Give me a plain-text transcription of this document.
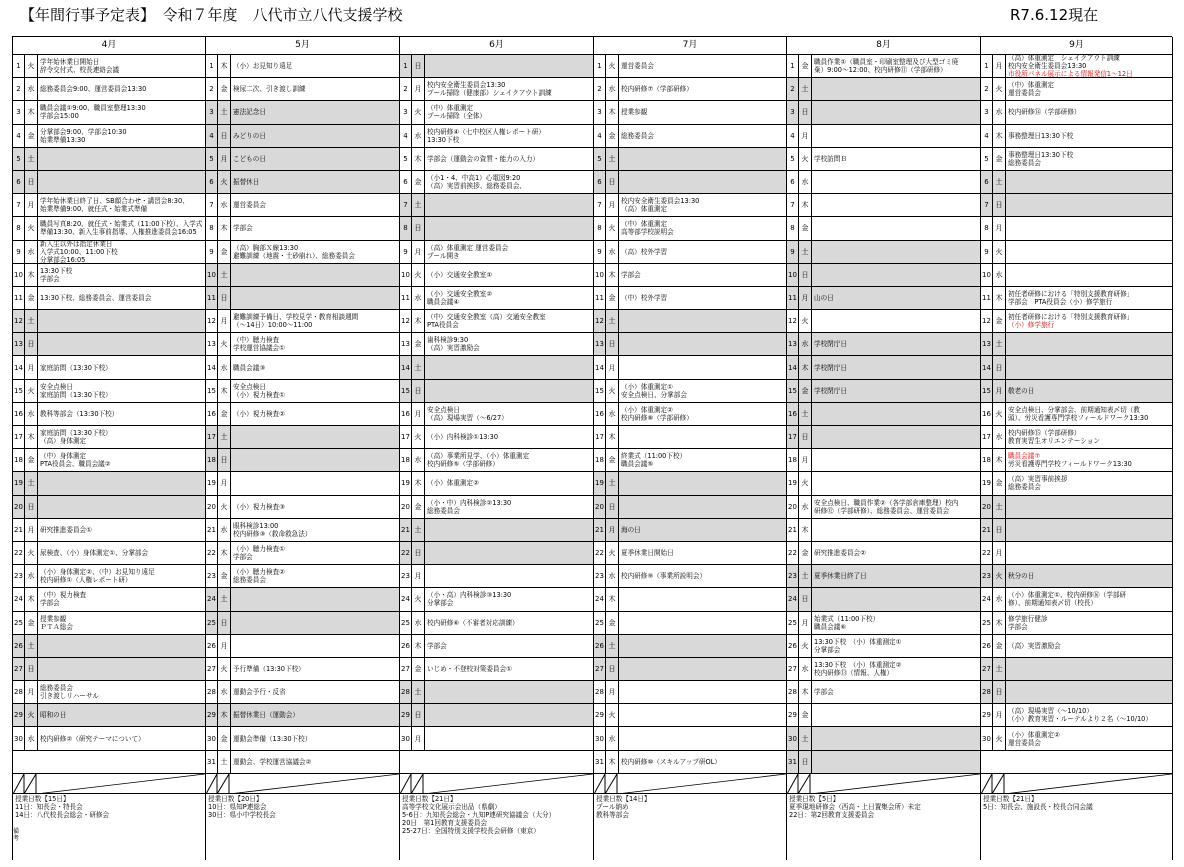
【年間行事予定表】　令和７年度　八代市立八代支援学校	R7.6.12現在
4月
1 火 学年始休業日開始日
辞令交付式、校長連絡会議
2 水 総務委員会9:00、運営委員会13:30
3 木 職員会議①9:00、職員室整理13:30
学部会15:00
4 金 分掌部会9:00、学部会10:30
始業準備13:30
5 土
6 日
7 月 学年始休業日終了日、SB顔合わせ・講習会8:30、
始業準備9:00、就任式・始業式準備
8 火 職員写真8:20、就任式・始業式（11:00下校）、入学式
準備13:30、新入生事前指導、人権推進委員会16:05
9 水
新入生以外は指定休業日
入学式10:00、11:00下校
分掌部会16:05
10 木 13:30下校
学部会
11 金 13:30下校、総務委員会、運営委員会
12 土
13 日
14 月 家庭訪問（13:30下校）
15 火 安全点検日
家庭訪問（13:30下校）
16 水 教科等部会（13:30下校）
17 木 家庭訪問（13:30下校）
（高）身体測定
18 金 （中）身体測定
PTA役員会、職員会議②
19 土
20 日
21 月 研究推進委員会①
22 火 尿検査、（小）身体測定①、分掌部会
23 水 （小）身体測定②、（中）お見知り遠足
校内研修①（人権レポート研）
24 木 （中）視力検査
学部会
25 金 授業参観
ＰＴＡ総会
26 土
27 日
28 月 総務委員会
引き渡しリハーサル
29 火 昭和の日
30 水 校内研修②（研究テーマについて）
授業日数【15日】
11日：知長会・特長会
14日：八代校長会総会・研修会
5月
1 木 （小）お見知り遠足
2 金 検尿二次、引き渡し訓練
3 土 憲法記念日
4 日 みどりの日
5 月 こどもの日
6 火 振替休日
7 水 運営委員会
8 木 学部会
9 金 （高）胸部Ｘ線13:30
避難訓練（地震・土砂崩れ）、総務委員会
10 土
11 日
12 月 避難訓練予備日、学校見学・教育相談週間
（～14日）10:00～11:00
13 火 （中）聴力検査
学校運営協議会①
14 水 職員会議③
15 木 安全点検日
（小）視力検査①
16 金 （小）視力検査②
17 土
18 日
19 月
20 火 （小）視力検査③
21 水 眼科検診13:00
校内研修③（救命救急法）
22 木 （小）聴力検査①
学部会
23 金 （小）聴力検査②
総務委員会
24 土
25 日
26 月
27 火 予行準備（13:30下校）
28 水 運動会予行・反省
29 木 振替休業日（運動会）
30 金 運動会準備（13:30下校）
31 土 運動会、学校運営協議会②
授業日数【20日】
10日：県知P連総会
30日：県小中学校長会
6月
1 日
2 月 校内安全衛生委員会13:30
プール掃除（健康部）シェイクアウト訓練
3 火 （中）体重測定
プール掃除（全体）
4 水 校内研修④（七中校区人権レポート研）
13:30下校
5 木 学部会（運動会の資質・能力の入力）
6 金 （小1・4、中高1）心電図9:20
（高）実習前挨拶、総務委員会、
7 土
8 日
9 月 （高）体重測定 運営委員会
プール開き
10 火 （小）交通安全教室①
11 水 （小）交通安全教室②
職員会議④
12 木 （中）交通安全教室（高）交通安全教室
PTA役員会
13 金 歯科検診9:30
（高）実習激励会
14 土
15 日
16 月 安全点検日
（高）現場実習（～6/27）
17 火 （小）内科検診①13:30
18 水 （高）事業所見学、（小）体重測定
校内研修⑤（学部研修）
19 木 （小）体重測定②
20 金 （小・中）内科検診②13:30
総務委員会
21 土
22 日
23 月
24 火 （小・高）内科検診③13:30
分掌部会
25 水 校内研修⑥（不審者対応訓練）
26 木 学部会
27 金 いじめ・不登校対策委員会①
28 土
29 日
30 月
授業日数【21日】
高等学校文化展示会出品（県劇）
5-6日：九知長会総会・九知P連研究協議会（大分）
20日　第1回教育支援委員会
25-27日：全国特別支援学校長会研修（東京）
7月
1 火 運営委員会
2 水 校内研修⑦（学部研修）
3 木 授業参観
4 金 総務委員会
5 土
6 日
7 月 校内安全衛生委員会13:30
（高）体重測定
8 火 （中）体重測定
高等部学校説明会
9 水 （高）校外学習
10 木 学部会
11 金 （中）校外学習
12 土
13 日
14 月
15 火 （小）体重測定①
安全点検日、分掌部会
16 水 （小）体重測定②
校内研修⑧（学部研修）
17 木
18 金 終業式（11:00下校）
職員会議⑤
19 土
20 日
21 月 海の日
22 火 夏季休業日開始日
23 水 校内研修⑨（事業所説明会）
24 木
25 金
26 土
27 日
28 月
29 火
30 水
31 木 校内研修⑩（スキルアップ研OL）
授業日数【14日】
プール納め
教科等部会
8月
1 金 職員作業①（職員室・印刷室整理及び大型ゴミ廃
棄）9:00～12:00、校内研修⑪（学部研修）
2 土
3 日
4 月
5 火 学校訪問Ｂ
6 水
7 木
8 金
9 土
10 日
11 月 山の日
12 火
13 水 学校閉庁日
14 木 学校閉庁日
15 金 学校閉庁日
16 土
17 日
18 月
19 火
20 水 安全点検日、職員作業②（各学部倉庫整理）校内
研修⑫（学部研修）、総務委員会、運営委員会
21 木
22 金 研究推進委員会②
23 土 夏季休業日終了日
24 日
25 月 始業式（11:00下校）
職員会議⑥
26 火 13:30下校　（小）体重測定①
分掌部会
27 水 13:30下校　（小）体重測定②
校内研修⑬（情報、人権）
28 木 学部会
29 金
30 土
31 日
授業日数【5日】
夏季現地研修会（西高・上日置集会所）未定
22日：第2回教育支援委員会
9月
1 月
（高）体重測定　シェイクアウト訓練
校内安全衛生委員会13:30
市役所パネル展示による情報発信1～12日
2 火 （中）体重測定
運営委員会
3 水 校内研修⑭（学部研修）
4 木 事務整理日13:30下校
5 金 事務整理日13:30下校
総務委員会
6 土
7 日
8 月
9 火
10 水
11 木 初任者研修における「特別支援教育研修」
学部会　PTA役員会（小）修学旅行
12 金 初任者研修における「特別支援教育研修」
（小）修学旅行
13 土
14 日
15 月 敬老の日
16 火 安全点検日、分掌部会、前期通知表〆切（教
頭）、労災看護専門学校フィールドワーク13:30
17 水 校内研修⑮（学部研修）
教育実習生オリエンテーション
18 木 職員会議⑦
労災看護専門学校フィールドワーク13:30
19 金 （高）実習事前挨拶
総務委員会
20 土
21 日
22 月
23 火 秋分の日
24 水 （小）体重測定①、校内研修⑯（学部研
修）、前期通知表〆切（校長）
25 木 修学旅行健診
学部会
26 金 （高）実習激励会
27 土
28 日
29 月 （高）現場実習（～10/10）
（小）教育実習・ルーテルより２名（～10/10）
30 火 （小）体重測定②
運営委員会
授業日数【21日】
5日：知長会、施設長・校長合同会議
備考
